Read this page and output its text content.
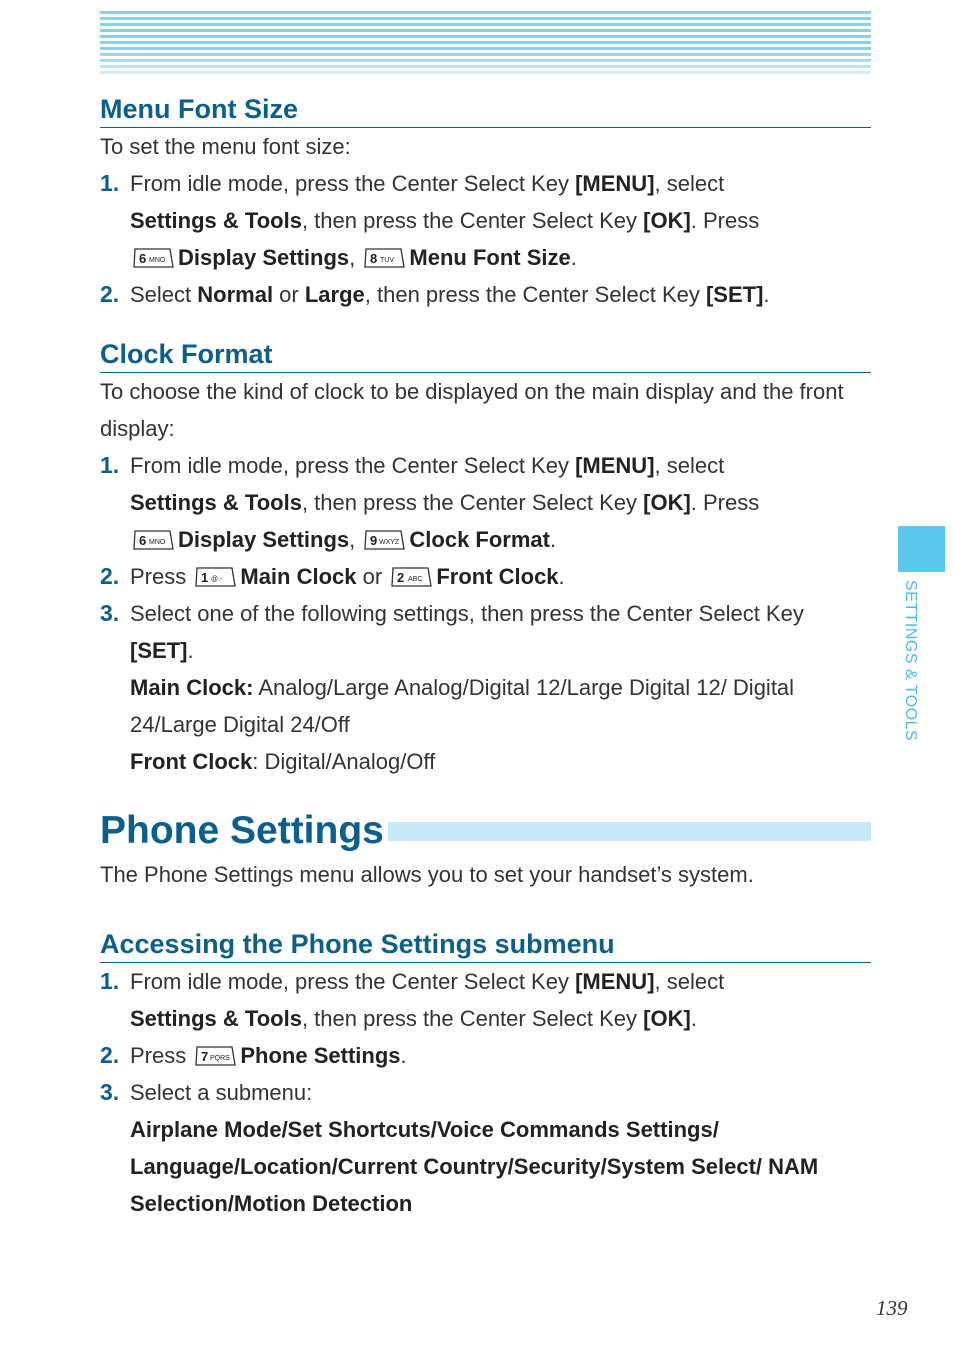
SETTINGS & TOOLS
Menu Font Size

To set the menu font size:

1. From idle mode, press the Center Select Key [MENU], select
Settings & Tools, then press the Center Select Key [OK]. Press

6 MNO Display Settings, 8 TUV Menu Font Size.
2. Select Normal or Large, then press the Center Select Key [SET].
Clock Format

To choose the kind of clock to be displayed on the main display and the front display:

1. From idle mode, press the Center Select Key [MENU], select
Settings & Tools, then press the Center Select Key [OK]. Press

6 MNO Display Settings, 9 WXYZ Clock Format.
2. Press 1 @.- Main Clock or 2 ABC Front Clock.
3. Select one of the following settings, then press the Center Select Key [SET].
Main Clock: Analog/Large Analog/Digital 12/Large Digital 12/ Digital 24/Large Digital 24/Off
Front Clock: Digital/Analog/Off
Phone Settings

The Phone Settings menu allows you to set your handset’s system.

Accessing the Phone Settings submenu
1. From idle mode, press the Center Select Key [MENU], select
Settings & Tools, then press the Center Select Key [OK].
2. Press 7 PQRS Phone Settings.
3. Select a submenu:
Airplane Mode/Set Shortcuts/Voice Commands Settings/ Language/Location/Current Country/Security/System Select/ NAM Selection/Motion Detection
139
